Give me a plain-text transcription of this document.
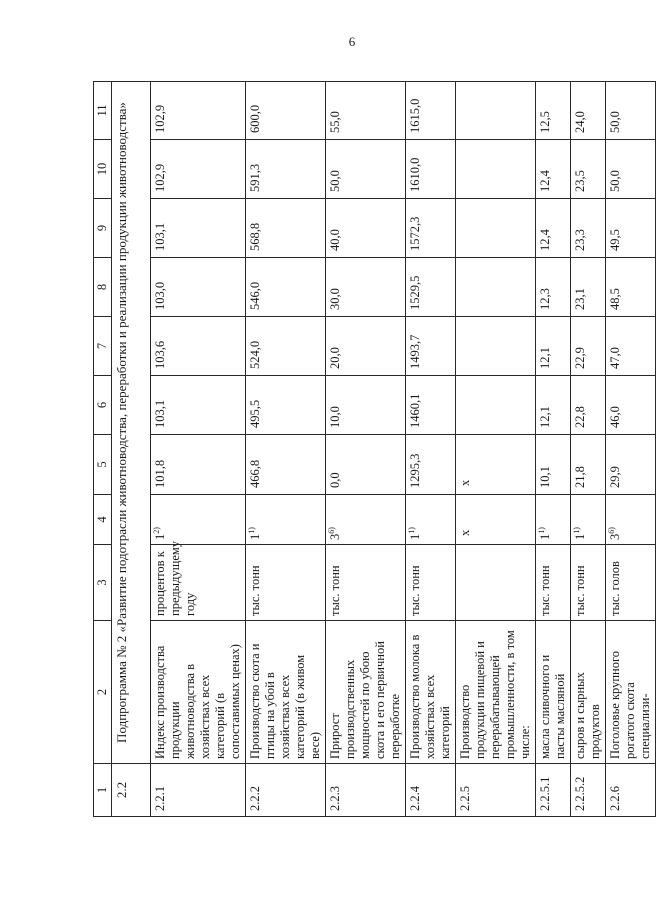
6
1	2	3	4	5	6	7	8	9	10	11
2.2	Подпрограмма № 2 «Развитие подотрасли животноводства, переработки и реализации продукции животноводства»									
2.2.1	Индекс производства продукции животноводства в хозяйствах всех категорий (в сопоставимых ценах)	процентов к предыдущему году	1$^{2)}$	101,8	103,1	103,6	103,0	103,1	102,9	102,9
2.2.2	Производство скота и птицы на убой в хозяйствах всех категорий (в живом весе)	тыс. тонн	1$^{1)}$	466,8	495,5	524,0	546,0	568,8	591,3	600,0
2.2.3	Прирост производственных мощностей по убою скота и его первичной переработке	тыс. тонн	3$^{6)}$	0,0	10,0	20,0	30,0	40,0	50,0	55,0
2.2.4	Производство молока в хозяйствах всех категорий	тыс. тонн	1$^{1)}$	1295,3	1460,1	1493,7	1529,5	1572,3	1610,0	1615,0
2.2.5	Производство продукции пищевой и перерабатывающей промышленности, в том числе:		x	x						
2.2.5.1	масла сливочного и пасты масляной	тыс. тонн	1$^{1)}$	10,1	12,1	12,1	12,3	12,4	12,4	12,5
2.2.5.2	сыров и сырных продуктов	тыс. тонн	1$^{1)}$	21,8	22,8	22,9	23,1	23,3	23,5	24,0
2.2.6	Поголовье крупного рогатого скота специализи-	тыс. голов	3$^{6)}$	29,9	46,0	47,0	48,5	49,5	50,0	50,0
